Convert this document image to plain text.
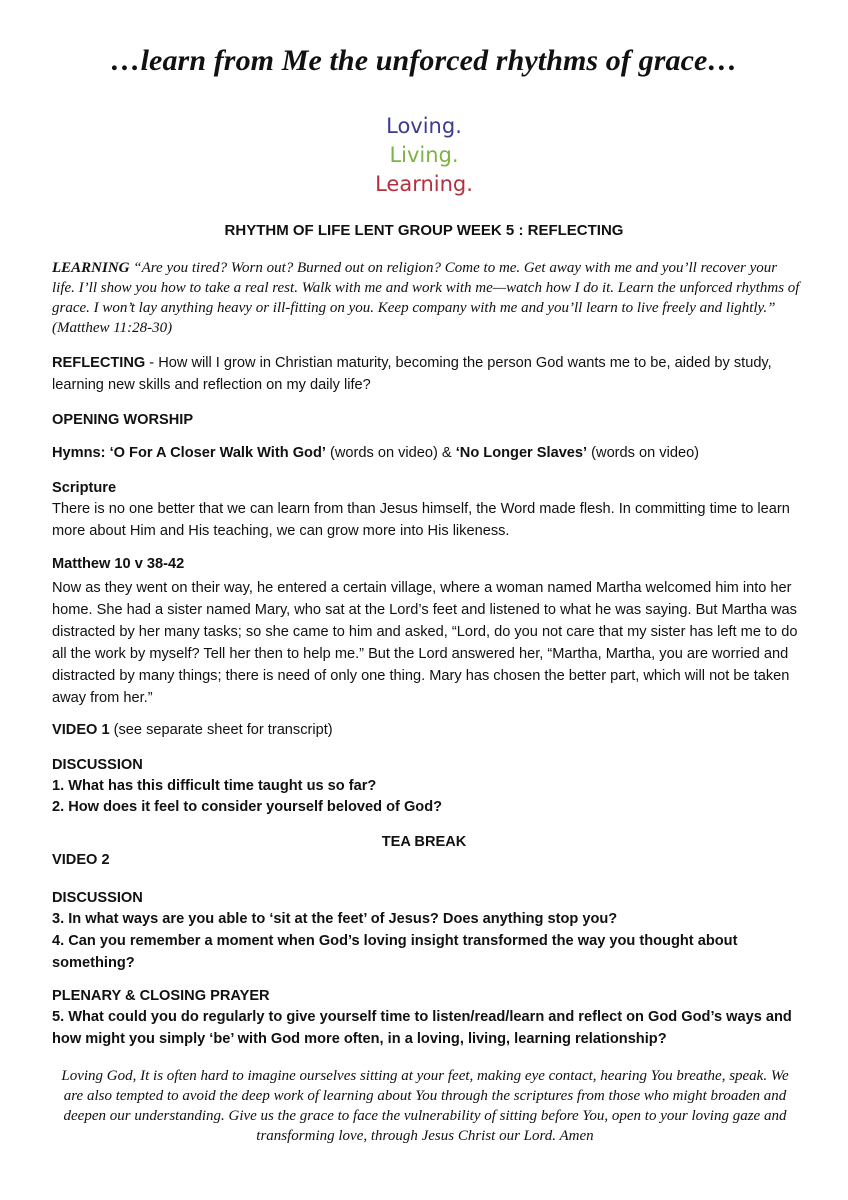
…learn from Me the unforced rhythms of grace…
Loving.
Living.
Learning.
RHYTHM OF LIFE LENT GROUP WEEK 5 : REFLECTING

LEARNING “Are you tired? Worn out? Burned out on religion? Come to me. Get away with me and you’ll recover your life. I’ll show you how to take a real rest. Walk with me and work with me—watch how I do it. Learn the unforced rhythms of grace. I won’t lay anything heavy or ill-fitting on you. Keep company with me and you’ll learn to live freely and lightly.” (Matthew 11:28-30)

REFLECTING - How will I grow in Christian maturity, becoming the person God wants me to be, aided by study, learning new skills and reflection on my daily life?

OPENING WORSHIP

Hymns: ‘O For A Closer Walk With God’ (words on video) & ‘No Longer Slaves’ (words on video)

Scripture

There is no one better that we can learn from than Jesus himself, the Word made flesh. In committing time to learn more about Him and His teaching, we can grow more into His likeness.

Matthew 10 v 38-42

Now as they went on their way, he entered a certain village, where a woman named Martha welcomed him into her home. She had a sister named Mary, who sat at the Lord’s feet and listened to what he was saying. But Martha was distracted by her many tasks; so she came to him and asked, “Lord, do you not care that my sister has left me to do all the work by myself? Tell her then to help me.” But the Lord answered her, “Martha, Martha, you are worried and distracted by many things; there is need of only one thing. Mary has chosen the better part, which will not be taken away from her.”

VIDEO 1 (see separate sheet for transcript)

DISCUSSION

1. What has this difficult time taught us so far?

2. How does it feel to consider yourself beloved of God?

TEA BREAK

VIDEO 2

DISCUSSION

3. In what ways are you able to ‘sit at the feet’ of Jesus? Does anything stop you?

4. Can you remember a moment when God’s loving insight transformed the way you thought about something?

PLENARY & CLOSING PRAYER

5. What could you do regularly to give yourself time to listen/read/learn and reflect on God God’s ways and how might you simply ‘be’ with God more often, in a loving, living, learning relationship?

Loving God, It is often hard to imagine ourselves sitting at your feet, making eye contact, hearing You breathe, speak. We are also tempted to avoid the deep work of learning about You through the scriptures from those who might broaden and deepen our understanding. Give us the grace to face the vulnerability of sitting before You, open to your loving gaze and transforming love, through Jesus Christ our Lord. Amen
